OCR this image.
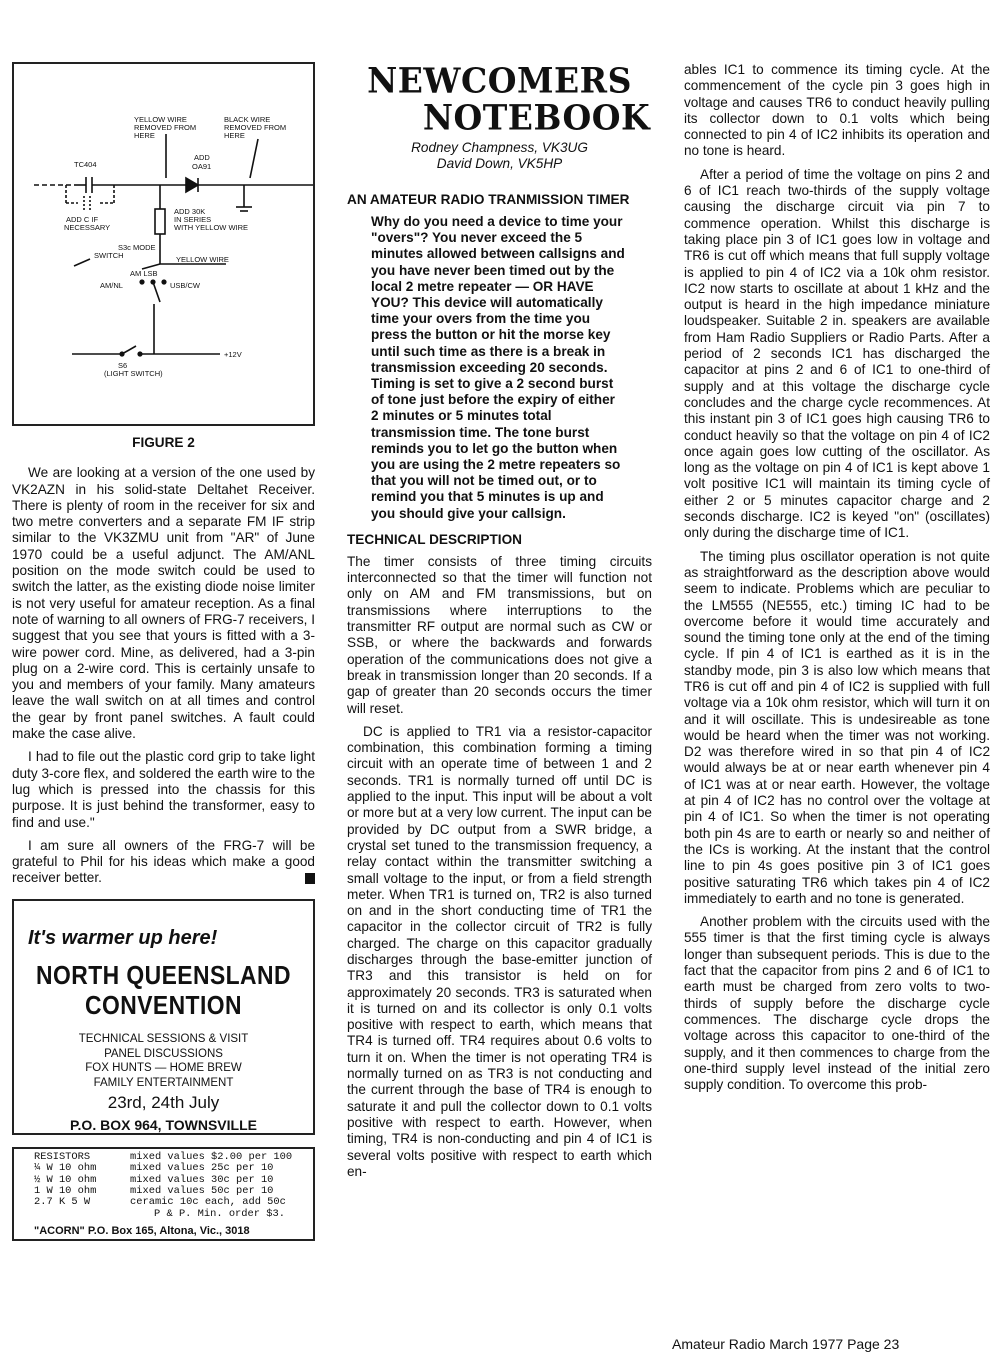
YELLOW WIRE REMOVED FROM HERE
BLACK WIRE REMOVED FROM HERE
ADD OA91
TC404
ADD C IF NECESSARY
ADD 30K IN SERIES WITH YELLOW WIRE
S3c MODE SWITCH	YELLOW WIRE
AM LSB
AM/NL	USB/CW
S6 (LIGHT SWITCH)
+12V
FIGURE 2

We are looking at a version of the one used by VK2AZN in his solid-state Deltahet Receiver. There is plenty of room in the receiver for six and two metre converters and a separate FM IF strip similar to the VK3ZMU unit from "AR" of June 1970 could be a useful adjunct. The AM/ANL position on the mode switch could be used to switch the latter, as the existing diode noise limiter is not very useful for amateur reception. As a final note of warning to all owners of FRG-7 receivers, I suggest that you see that yours is fitted with a 3-wire power cord. Mine, as delivered, had a 3-pin plug on a 2-wire cord. This is certainly unsafe to you and members of your family. Many amateurs leave the wall switch on at all times and control the gear by front panel switches. A fault could make the case alive.

I had to file out the plastic cord grip to take light duty 3-core flex, and soldered the earth wire to the lug which is pressed into the chassis for this purpose. It is just behind the transformer, easy to find and use."

I am sure all owners of the FRG-7 will be grateful to Phil for his ideas which make a good receiver better.

It's warmer up here!
NORTH QUEENSLAND
CONVENTION
TECHNICAL SESSIONS & VISIT
PANEL DISCUSSIONS
FOX HUNTS — HOME BREW
FAMILY ENTERTAINMENT
23rd, 24th July
P.O. BOX 964, TOWNSVILLE
RESISTORS	mixed values $2.00 per 100
¼ W 10 ohm	mixed values 25c per 10
½ W 10 ohm	mixed values 30c per 10
1 W 10 ohm	mixed values 50c per 10
2.7 K 5 W	ceramic 10c each, add 50c
P & P. Min. order $3.
"ACORN" P.O. Box 165, Altona, Vic., 3018
NEWCOMERS
NOTEBOOK
Rodney Champness, VK3UG
David Down, VK5HP
AN AMATEUR RADIO TRANMISSION TIMER
Why do you need a device to time your "overs"? You never exceed the 5 minutes allowed between callsigns and you have never been timed out by the local 2 metre repeater — OR HAVE YOU? This device will automatically time your overs from the time you press the button or hit the morse key until such time as there is a break in transmission exceeding 20 seconds. Timing is set to give a 2 second burst of tone just before the expiry of either 2 minutes or 5 minutes total transmission time. The tone burst reminds you to let go the button when you are using the 2 metre repeaters so that you will not be timed out, or to remind you that 5 minutes is up and you should give your callsign.
TECHNICAL DESCRIPTION

The timer consists of three timing circuits interconnected so that the timer will function not only on AM and FM transmissions, but on transmissions where interruptions to the transmitter RF output are normal such as CW or SSB, or where the backwards and forwards operation of the communications does not give a break in transmission longer than 20 seconds. If a gap of greater than 20 seconds occurs the timer will reset.

DC is applied to TR1 via a resistor-capacitor combination, this combination forming a timing circuit with an operate time of between 1 and 2 seconds. TR1 is normally turned off until DC is applied to the input. This input will be about a volt or more but at a very low current. The input can be provided by DC output from a SWR bridge, a crystal set tuned to the transmission frequency, a relay contact within the transmitter switching a small voltage to the input, or from a field strength meter. When TR1 is turned on, TR2 is also turned on and in the short conducting time of TR1 the capacitor in the collector circuit of TR2 is fully charged. The charge on this capacitor gradually discharges through the base-emitter junction of TR3 and this transistor is held on for approximately 20 seconds. TR3 is saturated when it is turned on and its collector is only 0.1 volts positive with respect to earth, which means that TR4 is turned off. TR4 requires about 0.6 volts to turn it on. When the timer is not operating TR4 is normally turned on as TR3 is not conducting and the current through the base of TR4 is enough to saturate it and pull the collector down to 0.1 volts positive with respect to earth. However, when timing, TR4 is non-conducting and pin 4 of IC1 is several volts positive with respect to earth which en-

ables IC1 to commence its timing cycle. At the commencement of the cycle pin 3 goes high in voltage and causes TR6 to conduct heavily pulling its collector down to 0.1 volts which being connected to pin 4 of IC2 inhibits its operation and no tone is heard.

After a period of time the voltage on pins 2 and 6 of IC1 reach two-thirds of the supply voltage causing the discharge circuit via pin 7 to commence operation. Whilst this discharge is taking place pin 3 of IC1 goes low in voltage and TR6 is cut off which means that full supply voltage is applied to pin 4 of IC2 via a 10k ohm resistor. IC2 now starts to oscillate at about 1 kHz and the output is heard in the high impedance miniature loudspeaker. Suitable 2 in. speakers are available from Ham Radio Suppliers or Radio Parts. After a period of 2 seconds IC1 has discharged the capacitor at pins 2 and 6 of IC1 to one-third of supply and at this voltage the discharge cycle concludes and the charge cycle recommences. At this instant pin 3 of IC1 goes high causing TR6 to conduct heavily so that the voltage on pin 4 of IC2 once again goes low cutting of the oscillator. As long as the voltage on pin 4 of IC1 is kept above 1 volt positive IC1 will maintain its timing cycle of either 2 or 5 minutes capacitor charge and 2 seconds discharge. IC2 is keyed "on" (oscillates) only during the discharge time of IC1.

The timing plus oscillator operation is not quite as straightforward as the description above would seem to indicate. Problems which are peculiar to the LM555 (NE555, etc.) timing IC had to be overcome before it would time accurately and sound the timing tone only at the end of the timing cycle. If pin 4 of IC1 is earthed as it is in the standby mode, pin 3 is also low which means that TR6 is cut off and pin 4 of IC2 is supplied with full voltage via a 10k ohm resistor, which will turn it on and it will oscillate. This is undesireable as tone would be heard when the timer was not working. D2 was therefore wired in so that pin 4 of IC2 would always be at or near earth whenever pin 4 of IC1 was at or near earth. However, the voltage at pin 4 of IC2 has no control over the voltage at pin 4 of IC1. So when the timer is not operating both pin 4s are to earth or nearly so and neither of the ICs is working. At the instant that the control line to pin 4s goes positive pin 3 of IC1 goes positive saturating TR6 which takes pin 4 of IC2 immediately to earth and no tone is generated.

Another problem with the circuits used with the 555 timer is that the first timing cycle is always longer than subsequent periods. This is due to the fact that the capacitor from pins 2 and 6 of IC1 to earth must be charged from zero volts to two-thirds of supply before the discharge cycle commences. The discharge cycle drops the voltage across this capacitor to one-third of the supply, and it then commences to charge from the one-third supply level instead of the initial zero supply condition. To overcome this prob-

Amateur Radio March 1977 Page 23
